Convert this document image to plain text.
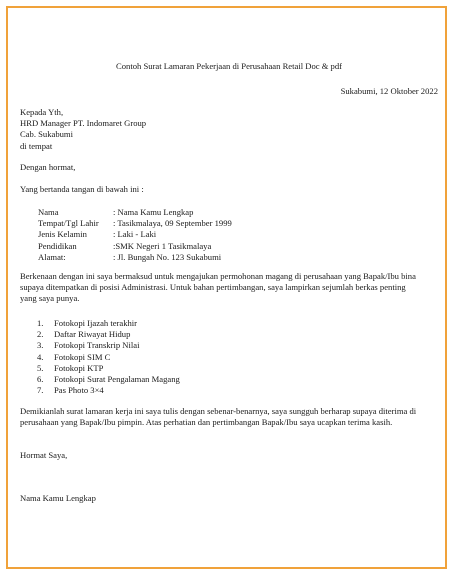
Contoh Surat Lamaran Pekerjaan di Perusahaan Retail Doc & pdf
Sukabumi, 12 Oktober 2022
Kepada Yth,
HRD Manager PT. Indomaret Group
Cab. Sukabumi
di tempat
Dengan hormat,
Yang bertanda tangan di bawah ini :
Nama	: Nama Kamu Lengkap
Tempat/Tgl Lahir	: Tasikmalaya, 09 September 1999
Jenis Kelamin	: Laki - Laki
Pendidikan	:SMK Negeri 1 Tasikmalaya
Alamat:	: Jl. Bungah No. 123 Sukabumi
Berkenaan dengan ini saya bermaksud untuk mengajukan permohonan magang di perusahaan yang Bapak/Ibu bina
supaya ditempatkan di posisi Administrasi. Untuk bahan pertimbangan, saya lampirkan sejumlah berkas penting
yang saya punya.
1.	Fotokopi Ijazah terakhir
2.	Daftar Riwayat Hidup
3.	Fotokopi Transkrip Nilai
4.	Fotokopi SIM C
5.	Fotokopi KTP
6.	Fotokopi Surat Pengalaman Magang
7.	Pas Photo 3×4
Demikianlah surat lamaran kerja ini saya tulis dengan sebenar-benarnya, saya sungguh berharap supaya diterima di
perusahaan yang Bapak/Ibu pimpin. Atas perhatian dan pertimbangan Bapak/Ibu saya ucapkan terima kasih.
Hormat Saya,
Nama Kamu Lengkap
